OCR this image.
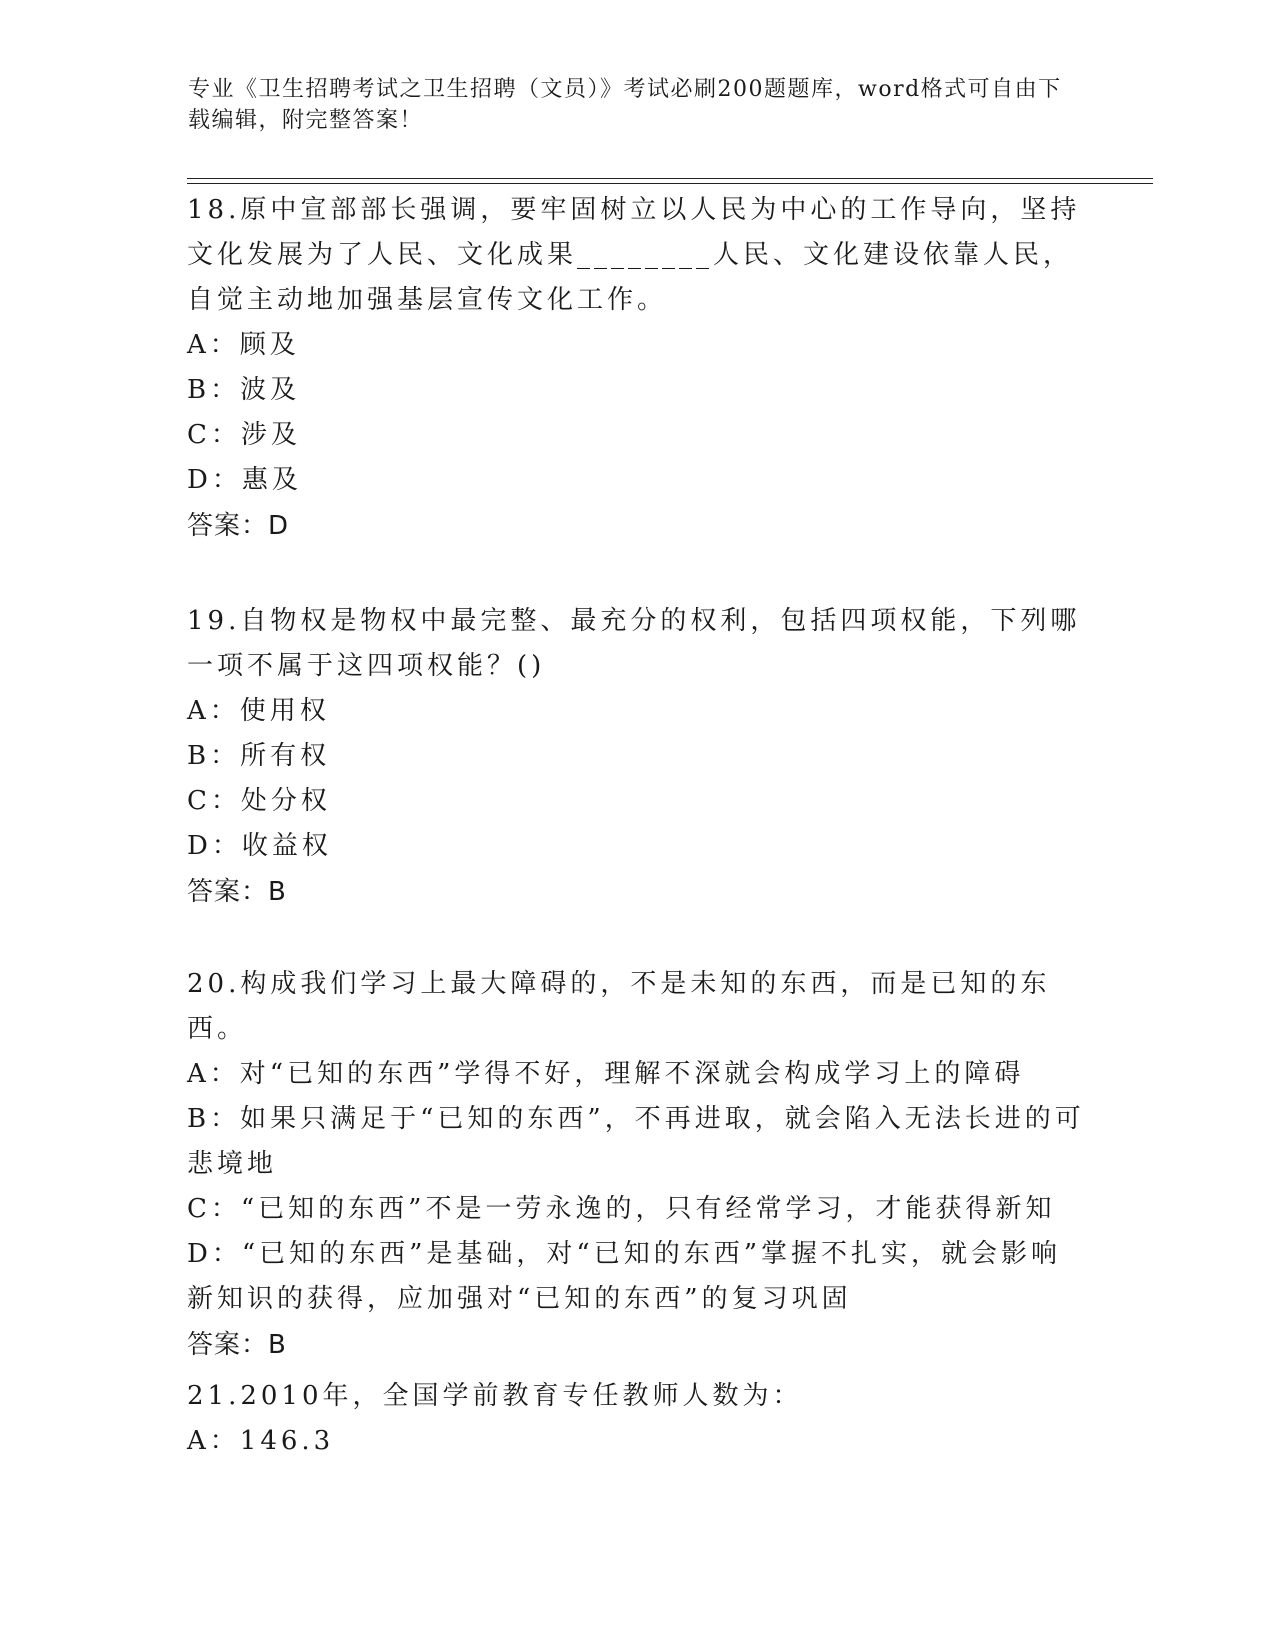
专业《卫生招聘考试之卫生招聘（文员）》考试必刷200题题库，word格式可自由下载编辑，附完整答案！

18.原中宣部部长强调，要牢固树立以人民为中心的工作导向，坚持文化发展为了人民、文化成果________人民、文化建设依靠人民，自觉主动地加强基层宣传文化工作。

A：顾及

B：波及

C：涉及

D：惠及

答案：D

19.自物权是物权中最完整、最充分的权利，包括四项权能，下列哪一项不属于这四项权能？()

A：使用权

B：所有权

C：处分权

D：收益权

答案：B

20.构成我们学习上最大障碍的，不是未知的东西，而是已知的东西。

A：对“已知的东西”学得不好，理解不深就会构成学习上的障碍

B：如果只满足于“已知的东西”，不再进取，就会陷入无法长进的可悲境地

C：“已知的东西”不是一劳永逸的，只有经常学习，才能获得新知

D：“已知的东西”是基础，对“已知的东西”掌握不扎实，就会影响新知识的获得，应加强对“已知的东西”的复习巩固

答案：B

21.2010年，全国学前教育专任教师人数为：

A：146.3
